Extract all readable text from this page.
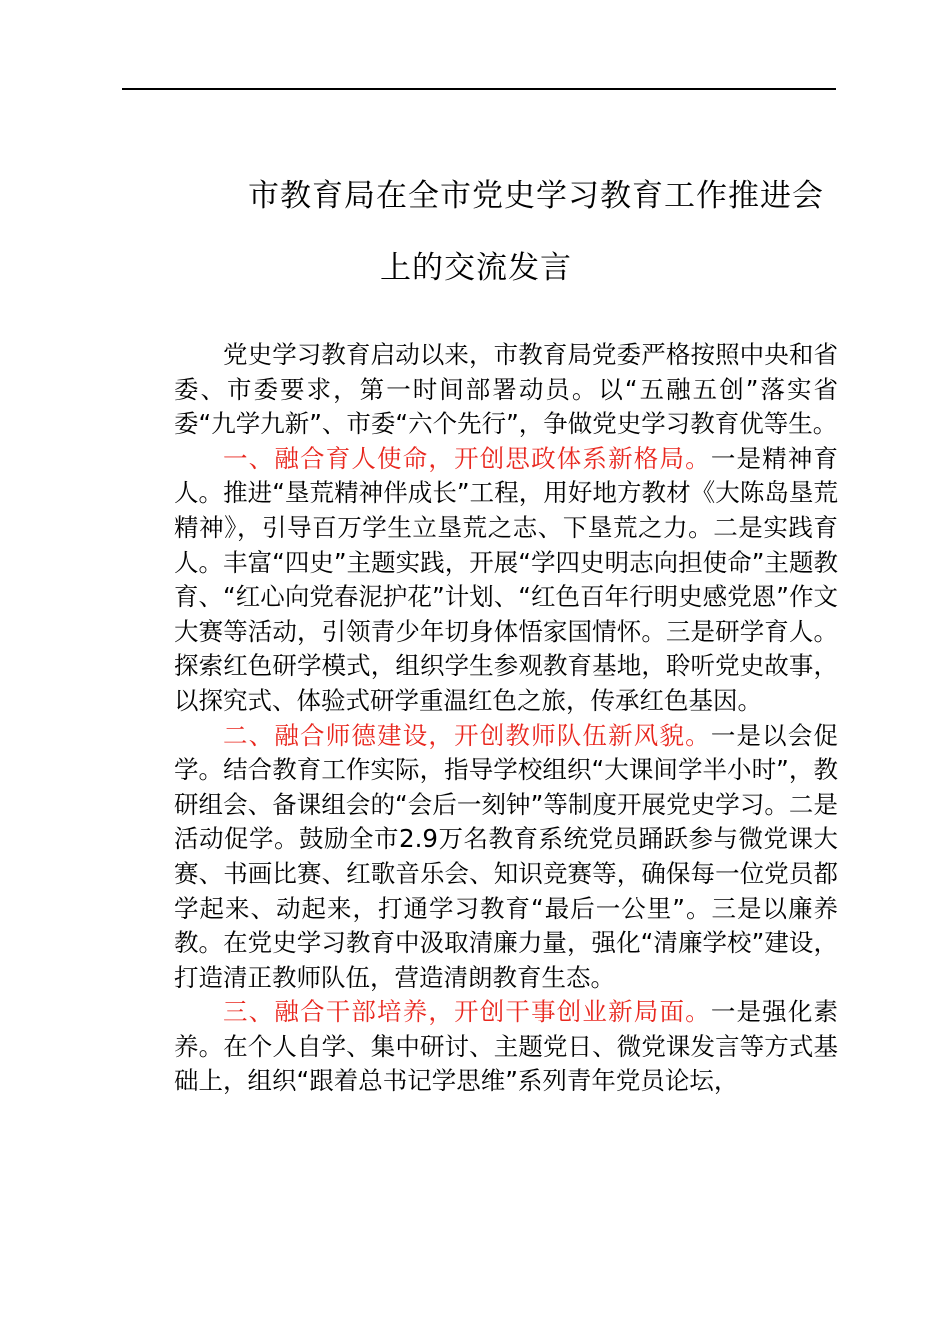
市教育局在全市党史学习教育工作推进会
上的交流发言

党史学习教育启动以来，市教育局党委严格按照中央和省委、市委要求，第一时间部署动员。以“五融五创”落实省委“九学九新”、市委“六个先行”，争做党史学习教育优等生。

一、融合育人使命，开创思政体系新格局。一是精神育人。推进“垦荒精神伴成长”工程，用好地方教材《大陈岛垦荒精神》，引导百万学生立垦荒之志、下垦荒之力。二是实践育人。丰富“四史”主题实践，开展“学四史明志向担使命”主题教育、“红心向党春泥护花”计划、“红色百年行明史感党恩”作文大赛等活动，引领青少年切身体悟家国情怀。三是研学育人。探索红色研学模式，组织学生参观教育基地，聆听党史故事，以探究式、体验式研学重温红色之旅，传承红色基因。

二、融合师德建设，开创教师队伍新风貌。一是以会促学。结合教育工作实际，指导学校组织“大课间学半小时”，教研组会、备课组会的“会后一刻钟”等制度开展党史学习。二是活动促学。鼓励全市2.9万名教育系统党员踊跃参与微党课大赛、书画比赛、红歌音乐会、知识竞赛等，确保每一位党员都学起来、动起来，打通学习教育“最后一公里”。三是以廉养教。在党史学习教育中汲取清廉力量，强化“清廉学校”建设，打造清正教师队伍，营造清朗教育生态。

三、融合干部培养，开创干事创业新局面。一是强化素养。在个人自学、集中研讨、主题党日、微党课发言等方式基础上，组织“跟着总书记学思维”系列青年党员论坛，
